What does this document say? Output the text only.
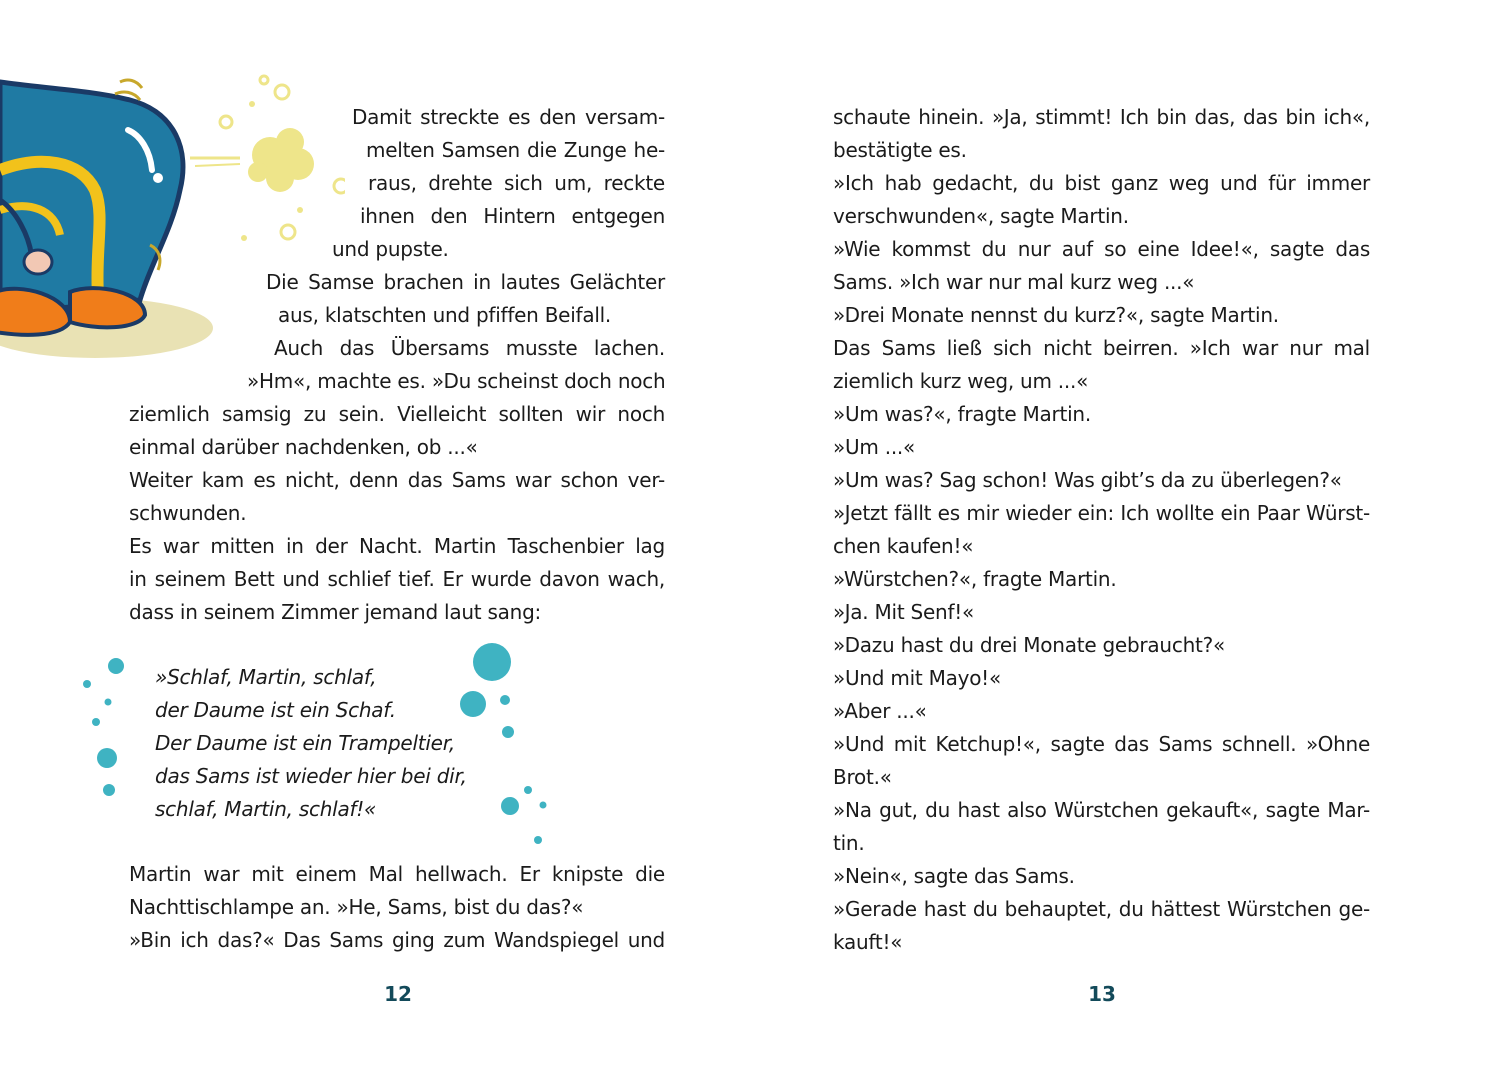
Damit streckte es den versam-
melten Samsen die Zunge he-
raus, drehte sich um, reckte
ihnen den Hintern entgegen
und pupste.
Die Samse brachen in lautes Gelächter
aus, klatschten und pfiffen Beifall.
Auch das Übersams musste lachen.
»Hm«, machte es. »Du scheinst doch noch
ziemlich samsig zu sein. Vielleicht sollten wir noch
einmal darüber nachdenken, ob ...«
Weiter kam es nicht, denn das Sams war schon ver-
schwunden.
Es war mitten in der Nacht. Martin Taschenbier lag
in seinem Bett und schlief tief. Er wurde davon wach,
dass in seinem Zimmer jemand laut sang:
»Schlaf, Martin, schlaf,
der Daume ist ein Schaf.
Der Daume ist ein Trampeltier,
das Sams ist wieder hier bei dir,
schlaf, Martin, schlaf!«
Martin war mit einem Mal hellwach. Er knipste die
Nachttischlampe an. »He, Sams, bist du das?«
»Bin ich das?« Das Sams ging zum Wandspiegel und
12
schaute hinein. »Ja, stimmt! Ich bin das, das bin ich«,
bestätigte es.
»Ich hab gedacht, du bist ganz weg und für immer
verschwunden«, sagte Martin.
»Wie kommst du nur auf so eine Idee!«, sagte das
Sams. »Ich war nur mal kurz weg ...«
»Drei Monate nennst du kurz?«, sagte Martin.
Das Sams ließ sich nicht beirren. »Ich war nur mal
ziemlich kurz weg, um ...«
»Um was?«, fragte Martin.
»Um ...«
»Um was? Sag schon! Was gibt’s da zu überlegen?«
»Jetzt fällt es mir wieder ein: Ich wollte ein Paar Würst-
chen kaufen!«
»Würstchen?«, fragte Martin.
»Ja. Mit Senf!«
»Dazu hast du drei Monate gebraucht?«
»Und mit Mayo!«
»Aber ...«
»Und mit Ketchup!«, sagte das Sams schnell. »Ohne
Brot.«
»Na gut, du hast also Würstchen gekauft«, sagte Mar-
tin.
»Nein«, sagte das Sams.
»Gerade hast du behauptet, du hättest Würstchen ge-
kauft!«
13
